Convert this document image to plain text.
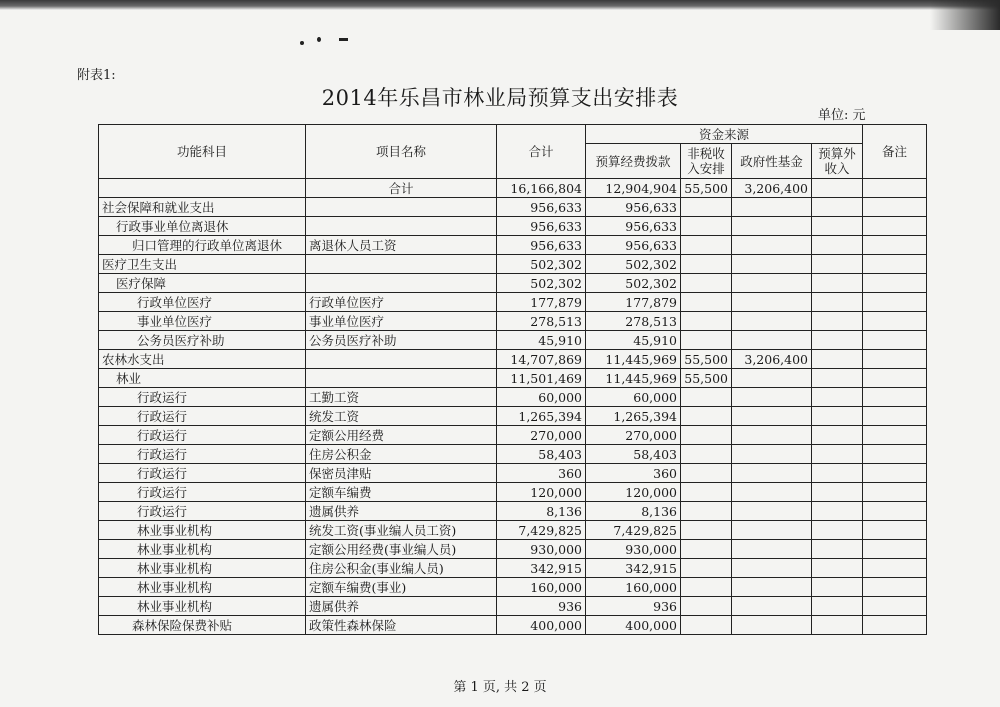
附表1:
2014年乐昌市林业局预算支出安排表
单位: 元
功能科目	项目名称	合计	资金来源				备注
			预算经费拨款	非税收入安排	政府性基金	预算外收入	
	合计	16,166,804	12,904,904	55,500	3,206,400		
社会保障和就业支出		956,633	956,633				
行政事业单位离退休		956,633	956,633				
归口管理的行政单位离退休	离退休人员工资	956,633	956,633				
医疗卫生支出		502,302	502,302				
医疗保障		502,302	502,302				
行政单位医疗	行政单位医疗	177,879	177,879				
事业单位医疗	事业单位医疗	278,513	278,513				
公务员医疗补助	公务员医疗补助	45,910	45,910				
农林水支出		14,707,869	11,445,969	55,500	3,206,400		
林业		11,501,469	11,445,969	55,500			
行政运行	工勤工资	60,000	60,000				
行政运行	统发工资	1,265,394	1,265,394				
行政运行	定额公用经费	270,000	270,000				
行政运行	住房公积金	58,403	58,403				
行政运行	保密员津贴	360	360				
行政运行	定额车编费	120,000	120,000				
行政运行	遗属供养	8,136	8,136				
林业事业机构	统发工资(事业编人员工资)	7,429,825	7,429,825				
林业事业机构	定额公用经费(事业编人员)	930,000	930,000				
林业事业机构	住房公积金(事业编人员)	342,915	342,915				
林业事业机构	定额车编费(事业)	160,000	160,000				
林业事业机构	遗属供养	936	936				
森林保险保费补贴	政策性森林保险	400,000	400,000				
第 1 页, 共 2 页
